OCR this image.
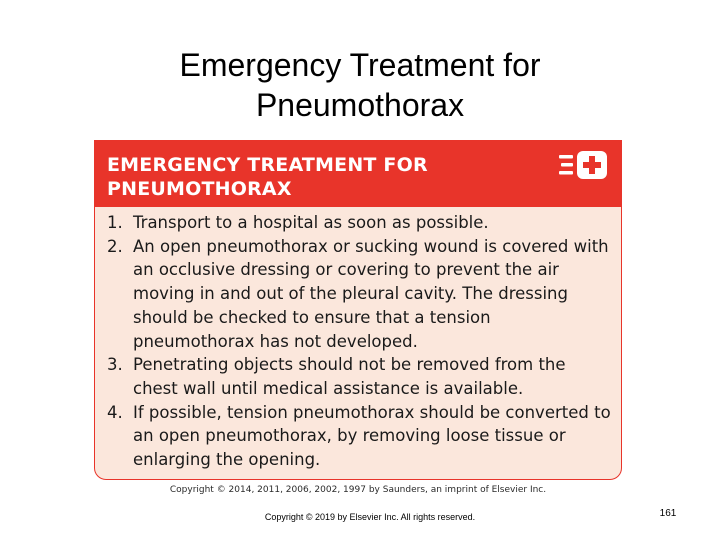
Emergency Treatment for
Pneumothorax
EMERGENCY TREATMENT FOR
PNEUMOTHORAX
1. Transport to a hospital as soon as possible.
2. An open pneumothorax or sucking wound is covered with an occlusive dressing or covering to prevent the air moving in and out of the pleural cavity. The dressing should be checked to ensure that a tension pneumothorax has not developed.
3. Penetrating objects should not be removed from the chest wall until medical assistance is available.
4. If possible, tension pneumothorax should be converted to an open pneumothorax, by removing loose tissue or enlarging the opening.
Copyright © 2014, 2011, 2006, 2002, 1997 by Saunders, an imprint of Elsevier Inc.
Copyright © 2019 by Elsevier Inc. All rights reserved.	161
